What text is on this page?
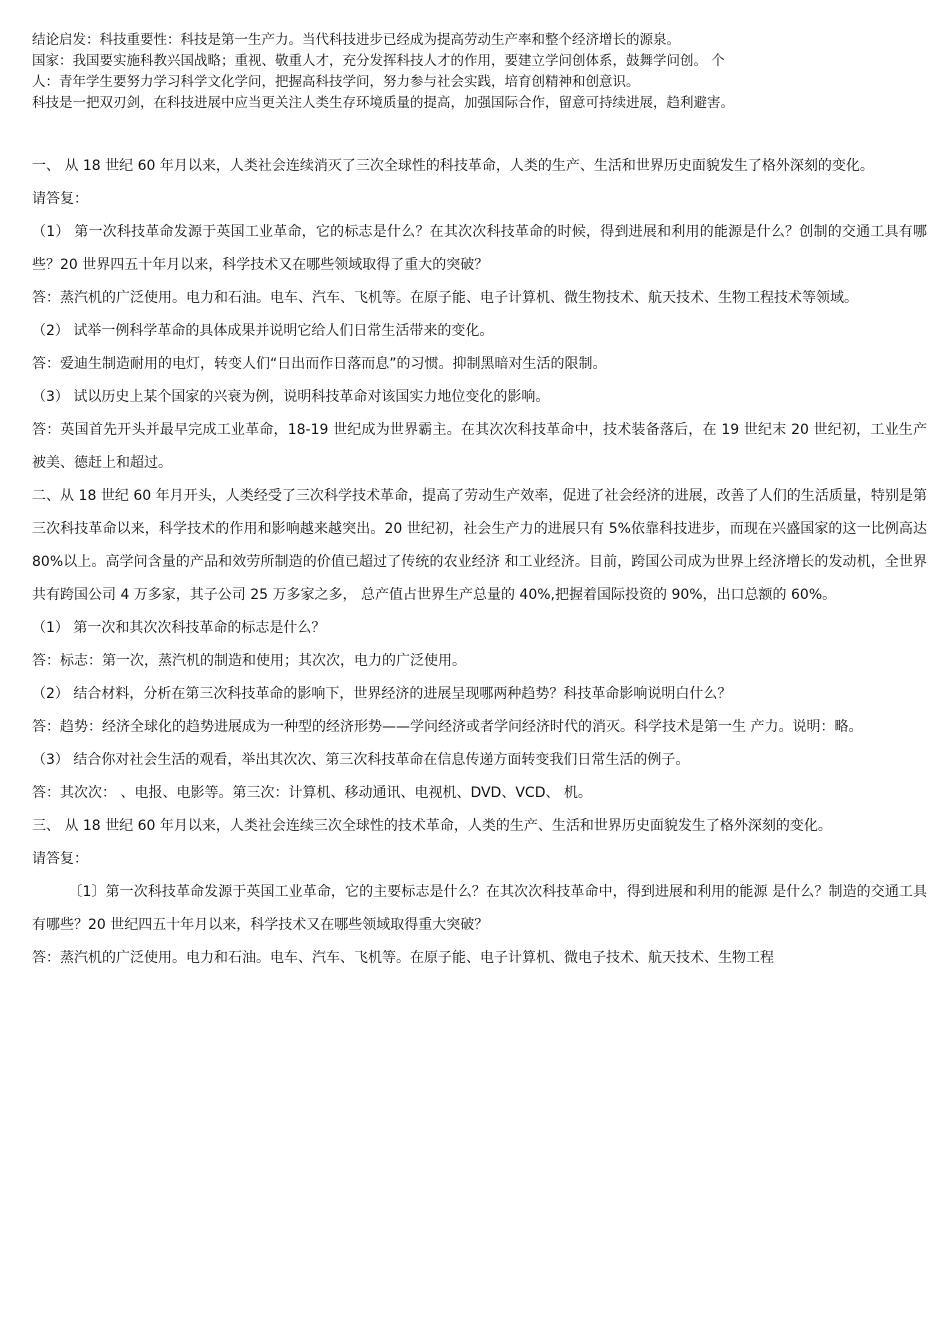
结论启发：科技重要性：科技是第一生产力。当代科技进步已经成为提高劳动生产率和整个经济增长的源泉。

国家：我国要实施科教兴国战略；重视、敬重人才，充分发挥科技人才的作用，要建立学问创体系，鼓舞学问创。 个

人：青年学生要努力学习科学文化学问，把握高科技学问，努力参与社会实践，培育创精神和创意识。

科技是一把双刃剑，在科技进展中应当更关注人类生存环境质量的提高，加强国际合作，留意可持续进展，趋利避害。

一、 从 18 世纪 60 年月以来，人类社会连续消灭了三次全球性的科技革命，人类的生产、生活和世界历史面貌发生了格外深刻的变化。

请答复：

（1） 第一次科技革命发源于英国工业革命，它的标志是什么？在其次次科技革命的时候，得到进展和利用的能源是什么？创制的交通工具有哪些？20 世界四五十年月以来，科学技术又在哪些领域取得了重大的突破？

答：蒸汽机的广泛使用。电力和石油。电车、汽车、飞机等。在原子能、电子计算机、微生物技术、航天技术、生物工程技术等领域。

（2） 试举一例科学革命的具体成果并说明它给人们日常生活带来的变化。

答：爱迪生制造耐用的电灯，转变人们“日出而作日落而息”的习惯。抑制黑暗对生活的限制。

（3） 试以历史上某个国家的兴衰为例，说明科技革命对该国实力地位变化的影响。

答：英国首先开头并最早完成工业革命，18-19 世纪成为世界霸主。在其次次科技革命中，技术装备落后，在 19 世纪末 20 世纪初，工业生产被美、德赶上和超过。

二、从 18 世纪 60 年月开头，人类经受了三次科学技术革命，提高了劳动生产效率，促进了社会经济的进展，改善了人们的生活质量，特别是第三次科技革命以来，科学技术的作用和影响越来越突出。20 世纪初，社会生产力的进展只有 5%依靠科技进步，而现在兴盛国家的这一比例高达 80%以上。高学问含量的产品和效劳所制造的价值已超过了传统的农业经济 和工业经济。目前，跨国公司成为世界上经济增长的发动机，全世界共有跨国公司 4 万多家，其子公司 25 万多家之多， 总产值占世界生产总量的 40%,把握着国际投资的 90%，出口总额的 60%。

（1） 第一次和其次次科技革命的标志是什么？

答：标志：第一次，蒸汽机的制造和使用；其次次，电力的广泛使用。

（2） 结合材料，分析在第三次科技革命的影响下，世界经济的进展呈现哪两种趋势？科技革命影响说明白什么？

答：趋势：经济全球化的趋势进展成为一种型的经济形势——学问经济或者学问经济时代的消灭。科学技术是第一生 产力。说明：略。

（3） 结合你对社会生活的观看，举出其次次、第三次科技革命在信息传递方面转变我们日常生活的例子。

答：其次次： 、电报、电影等。第三次：计算机、移动通讯、电视机、DVD、VCD、 机。

三、 从 18 世纪 60 年月以来，人类社会连续三次全球性的技术革命，人类的生产、生活和世界历史面貌发生了格外深刻的变化。

请答复：

〔1〕第一次科技革命发源于英国工业革命，它的主要标志是什么？在其次次科技革命中，得到进展和利用的能源 是什么？制造的交通工具有哪些？20 世纪四五十年月以来，科学技术又在哪些领域取得重大突破？

答：蒸汽机的广泛使用。电力和石油。电车、汽车、飞机等。在原子能、电子计算机、微电子技术、航天技术、生物工程
